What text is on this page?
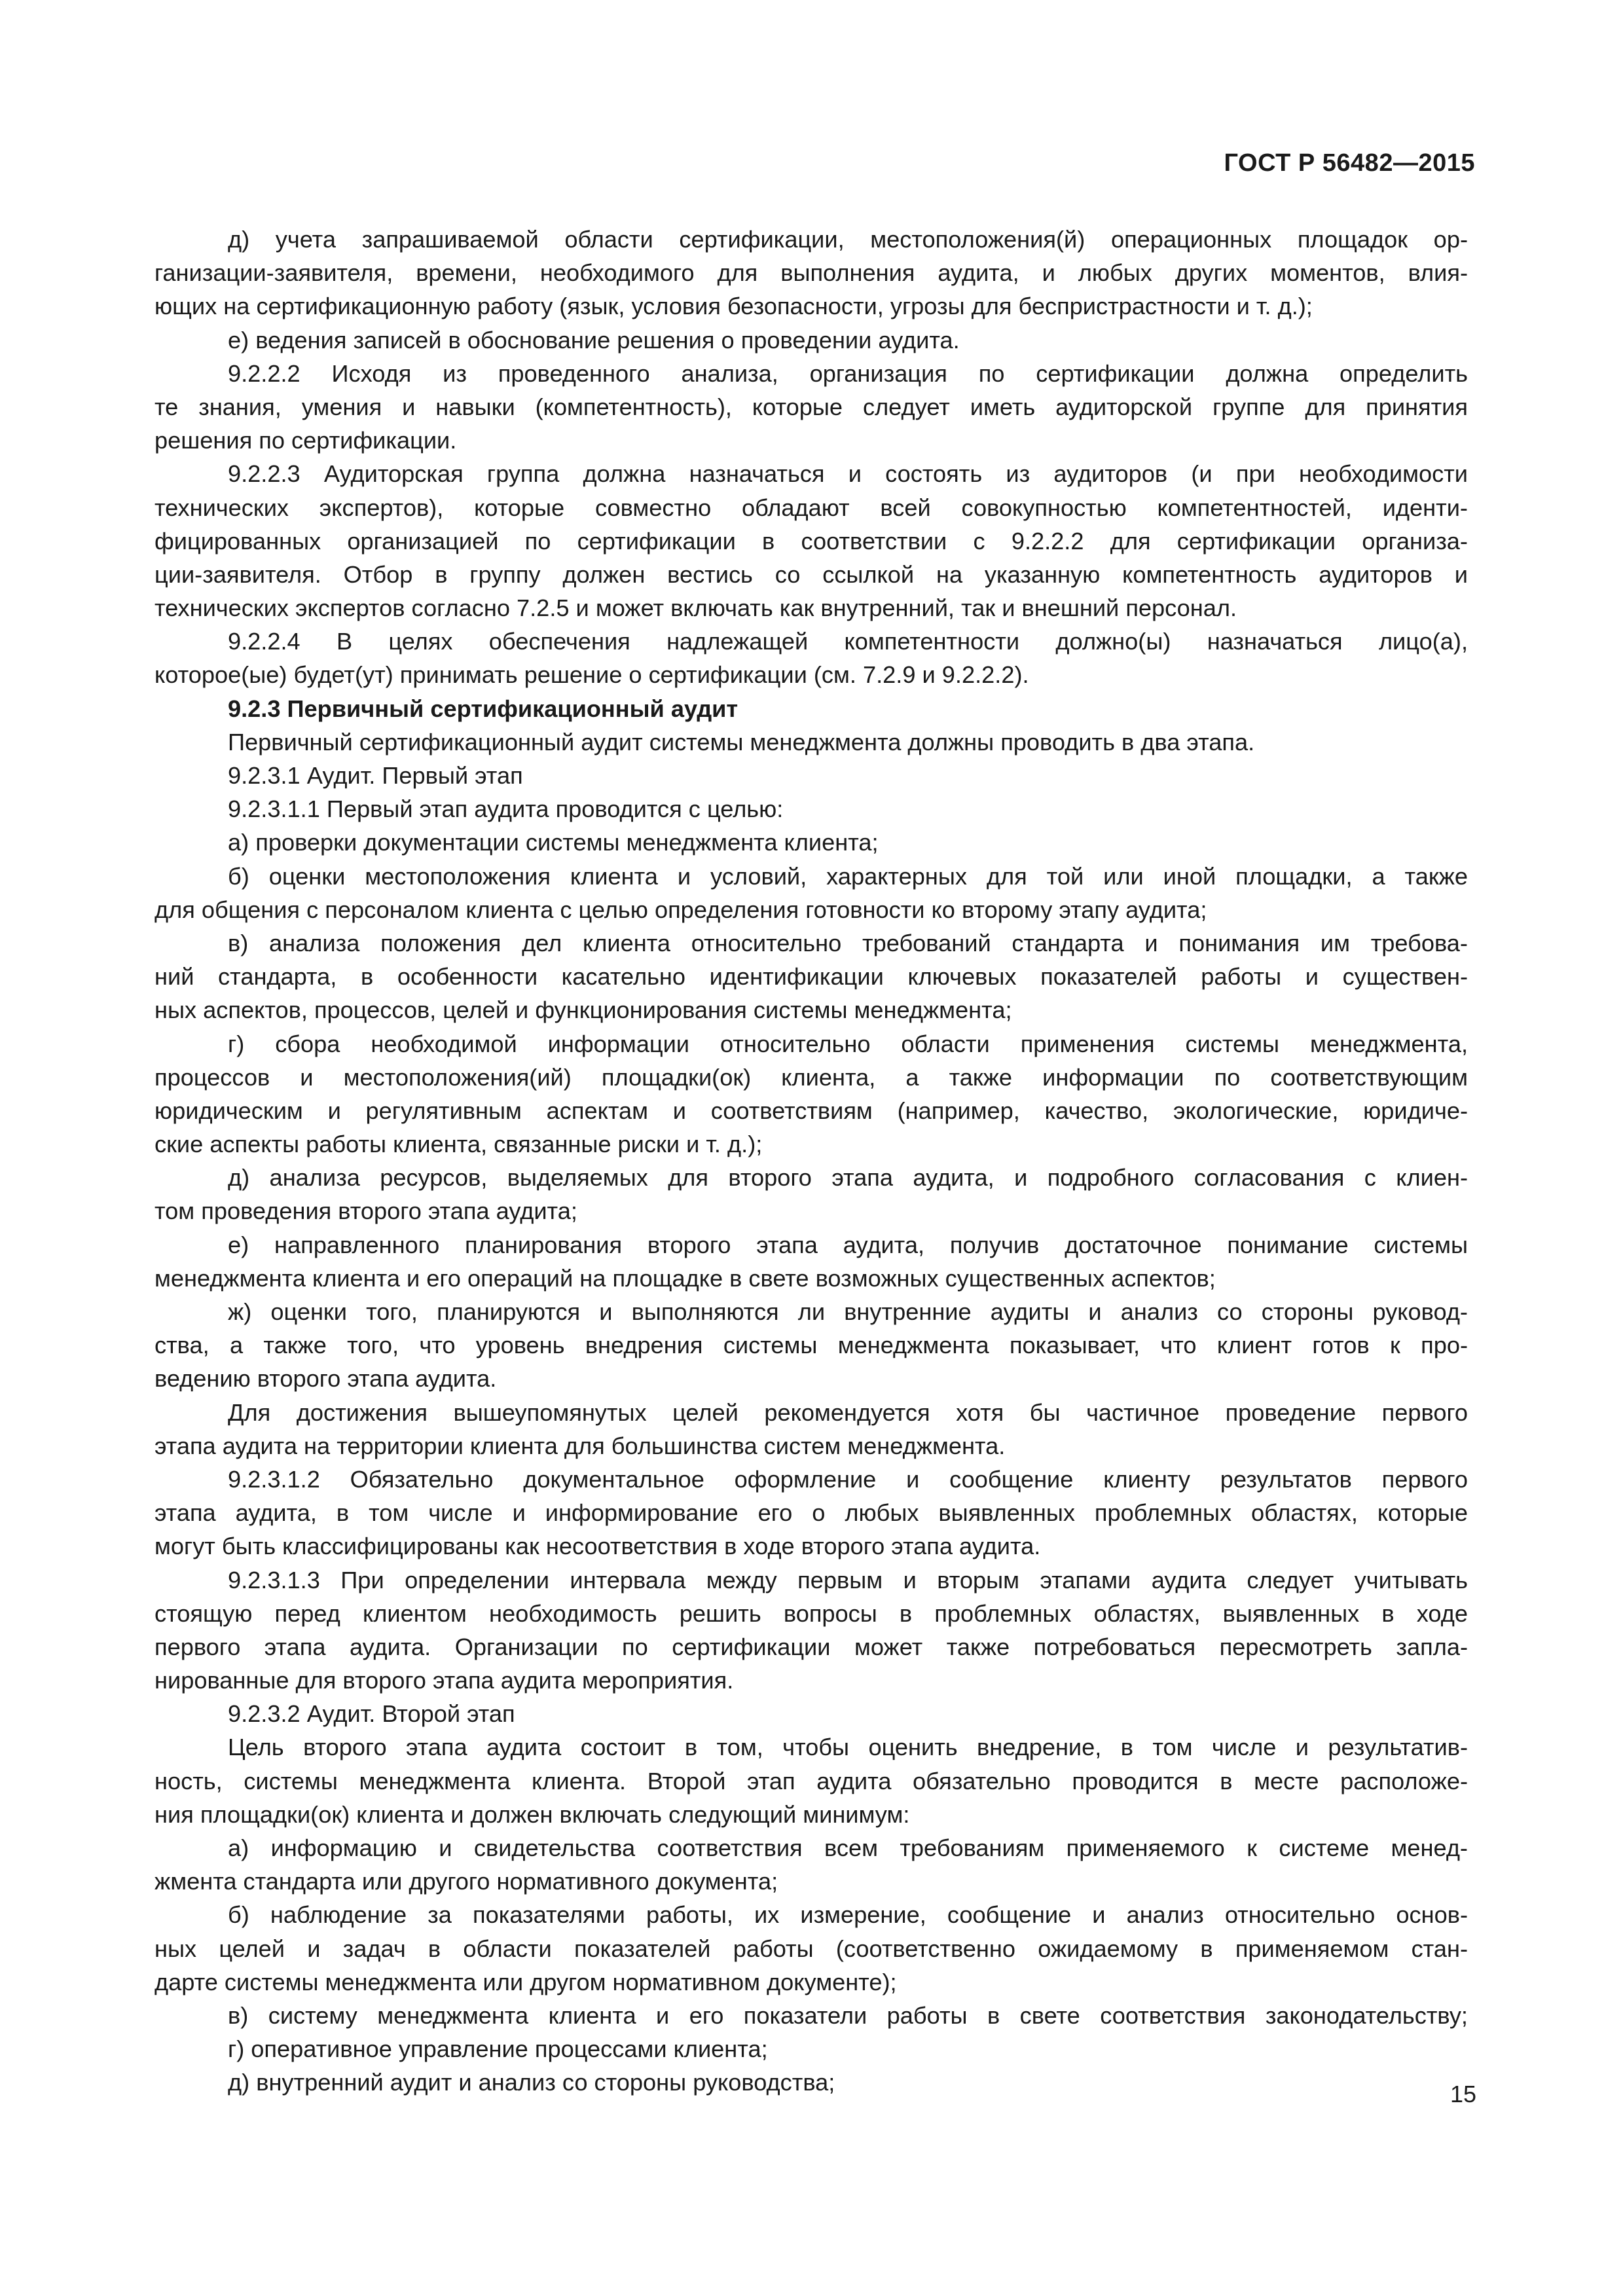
ГОСТ Р 56482—2015
д) учета запрашиваемой области сертификации, местоположения(й) операционных площадок ор-
ганизации-заявителя, времени, необходимого для выполнения аудита, и любых других моментов, влия-
ющих на сертификационную работу (язык, условия безопасности, угрозы для беспристрастности и т. д.);
е) ведения записей в обоснование решения о проведении аудита.
9.2.2.2 Исходя из проведенного анализа, организация по сертификации должна определить
те знания, умения и навыки (компетентность), которые следует иметь аудиторской группе для принятия
решения по сертификации.
9.2.2.3 Аудиторская группа должна назначаться и состоять из аудиторов (и при необходимости
технических экспертов), которые совместно обладают всей совокупностью компетентностей, иденти-
фицированных организацией по сертификации в соответствии с 9.2.2.2 для сертификации организа-
ции-заявителя. Отбор в группу должен вестись со ссылкой на указанную компетентность аудиторов и
технических экспертов согласно 7.2.5 и может включать как внутренний, так и внешний персонал.
9.2.2.4 В целях обеспечения надлежащей компетентности должно(ы) назначаться лицо(а),
которое(ые) будет(ут) принимать решение о сертификации (см. 7.2.9 и 9.2.2.2).
9.2.3 Первичный сертификационный аудит
Первичный сертификационный аудит системы менеджмента должны проводить в два этапа.
9.2.3.1 Аудит. Первый этап
9.2.3.1.1 Первый этап аудита проводится с целью:
а) проверки документации системы менеджмента клиента;
б) оценки местоположения клиента и условий, характерных для той или иной площадки, а также
для общения с персоналом клиента с целью определения готовности ко второму этапу аудита;
в) анализа положения дел клиента относительно требований стандарта и понимания им требова-
ний стандарта, в особенности касательно идентификации ключевых показателей работы и существен-
ных аспектов, процессов, целей и функционирования системы менеджмента;
г) сбора необходимой информации относительно области применения системы менеджмента,
процессов и местоположения(ий) площадки(ок) клиента, а также информации по соответствующим
юридическим и регулятивным аспектам и соответствиям (например, качество, экологические, юридиче-
ские аспекты работы клиента, связанные риски и т. д.);
д) анализа ресурсов, выделяемых для второго этапа аудита, и подробного согласования с клиен-
том проведения второго этапа аудита;
е) направленного планирования второго этапа аудита, получив достаточное понимание системы
менеджмента клиента и его операций на площадке в свете возможных существенных аспектов;
ж) оценки того, планируются и выполняются ли внутренние аудиты и анализ со стороны руковод-
ства, а также того, что уровень внедрения системы менеджмента показывает, что клиент готов к про-
ведению второго этапа аудита.
Для достижения вышеупомянутых целей рекомендуется хотя бы частичное проведение первого
этапа аудита на территории клиента для большинства систем менеджмента.
9.2.3.1.2 Обязательно документальное оформление и сообщение клиенту результатов первого
этапа аудита, в том числе и информирование его о любых выявленных проблемных областях, которые
могут быть классифицированы как несоответствия в ходе второго этапа аудита.
9.2.3.1.3 При определении интервала между первым и вторым этапами аудита следует учитывать
стоящую перед клиентом необходимость решить вопросы в проблемных областях, выявленных в ходе
первого этапа аудита. Организации по сертификации может также потребоваться пересмотреть запла-
нированные для второго этапа аудита мероприятия.
9.2.3.2 Аудит. Второй этап
Цель второго этапа аудита состоит в том, чтобы оценить внедрение, в том числе и результатив-
ность, системы менеджмента клиента. Второй этап аудита обязательно проводится в месте расположе-
ния площадки(ок) клиента и должен включать следующий минимум:
а) информацию и свидетельства соответствия всем требованиям применяемого к системе менед-
жмента стандарта или другого нормативного документа;
б) наблюдение за показателями работы, их измерение, сообщение и анализ относительно основ-
ных целей и задач в области показателей работы (соответственно ожидаемому в применяемом стан-
дарте системы менеджмента или другом нормативном документе);
в) систему менеджмента клиента и его показатели работы в свете соответствия законодательству;
г) оперативное управление процессами клиента;
д) внутренний аудит и анализ со стороны руководства;	15
